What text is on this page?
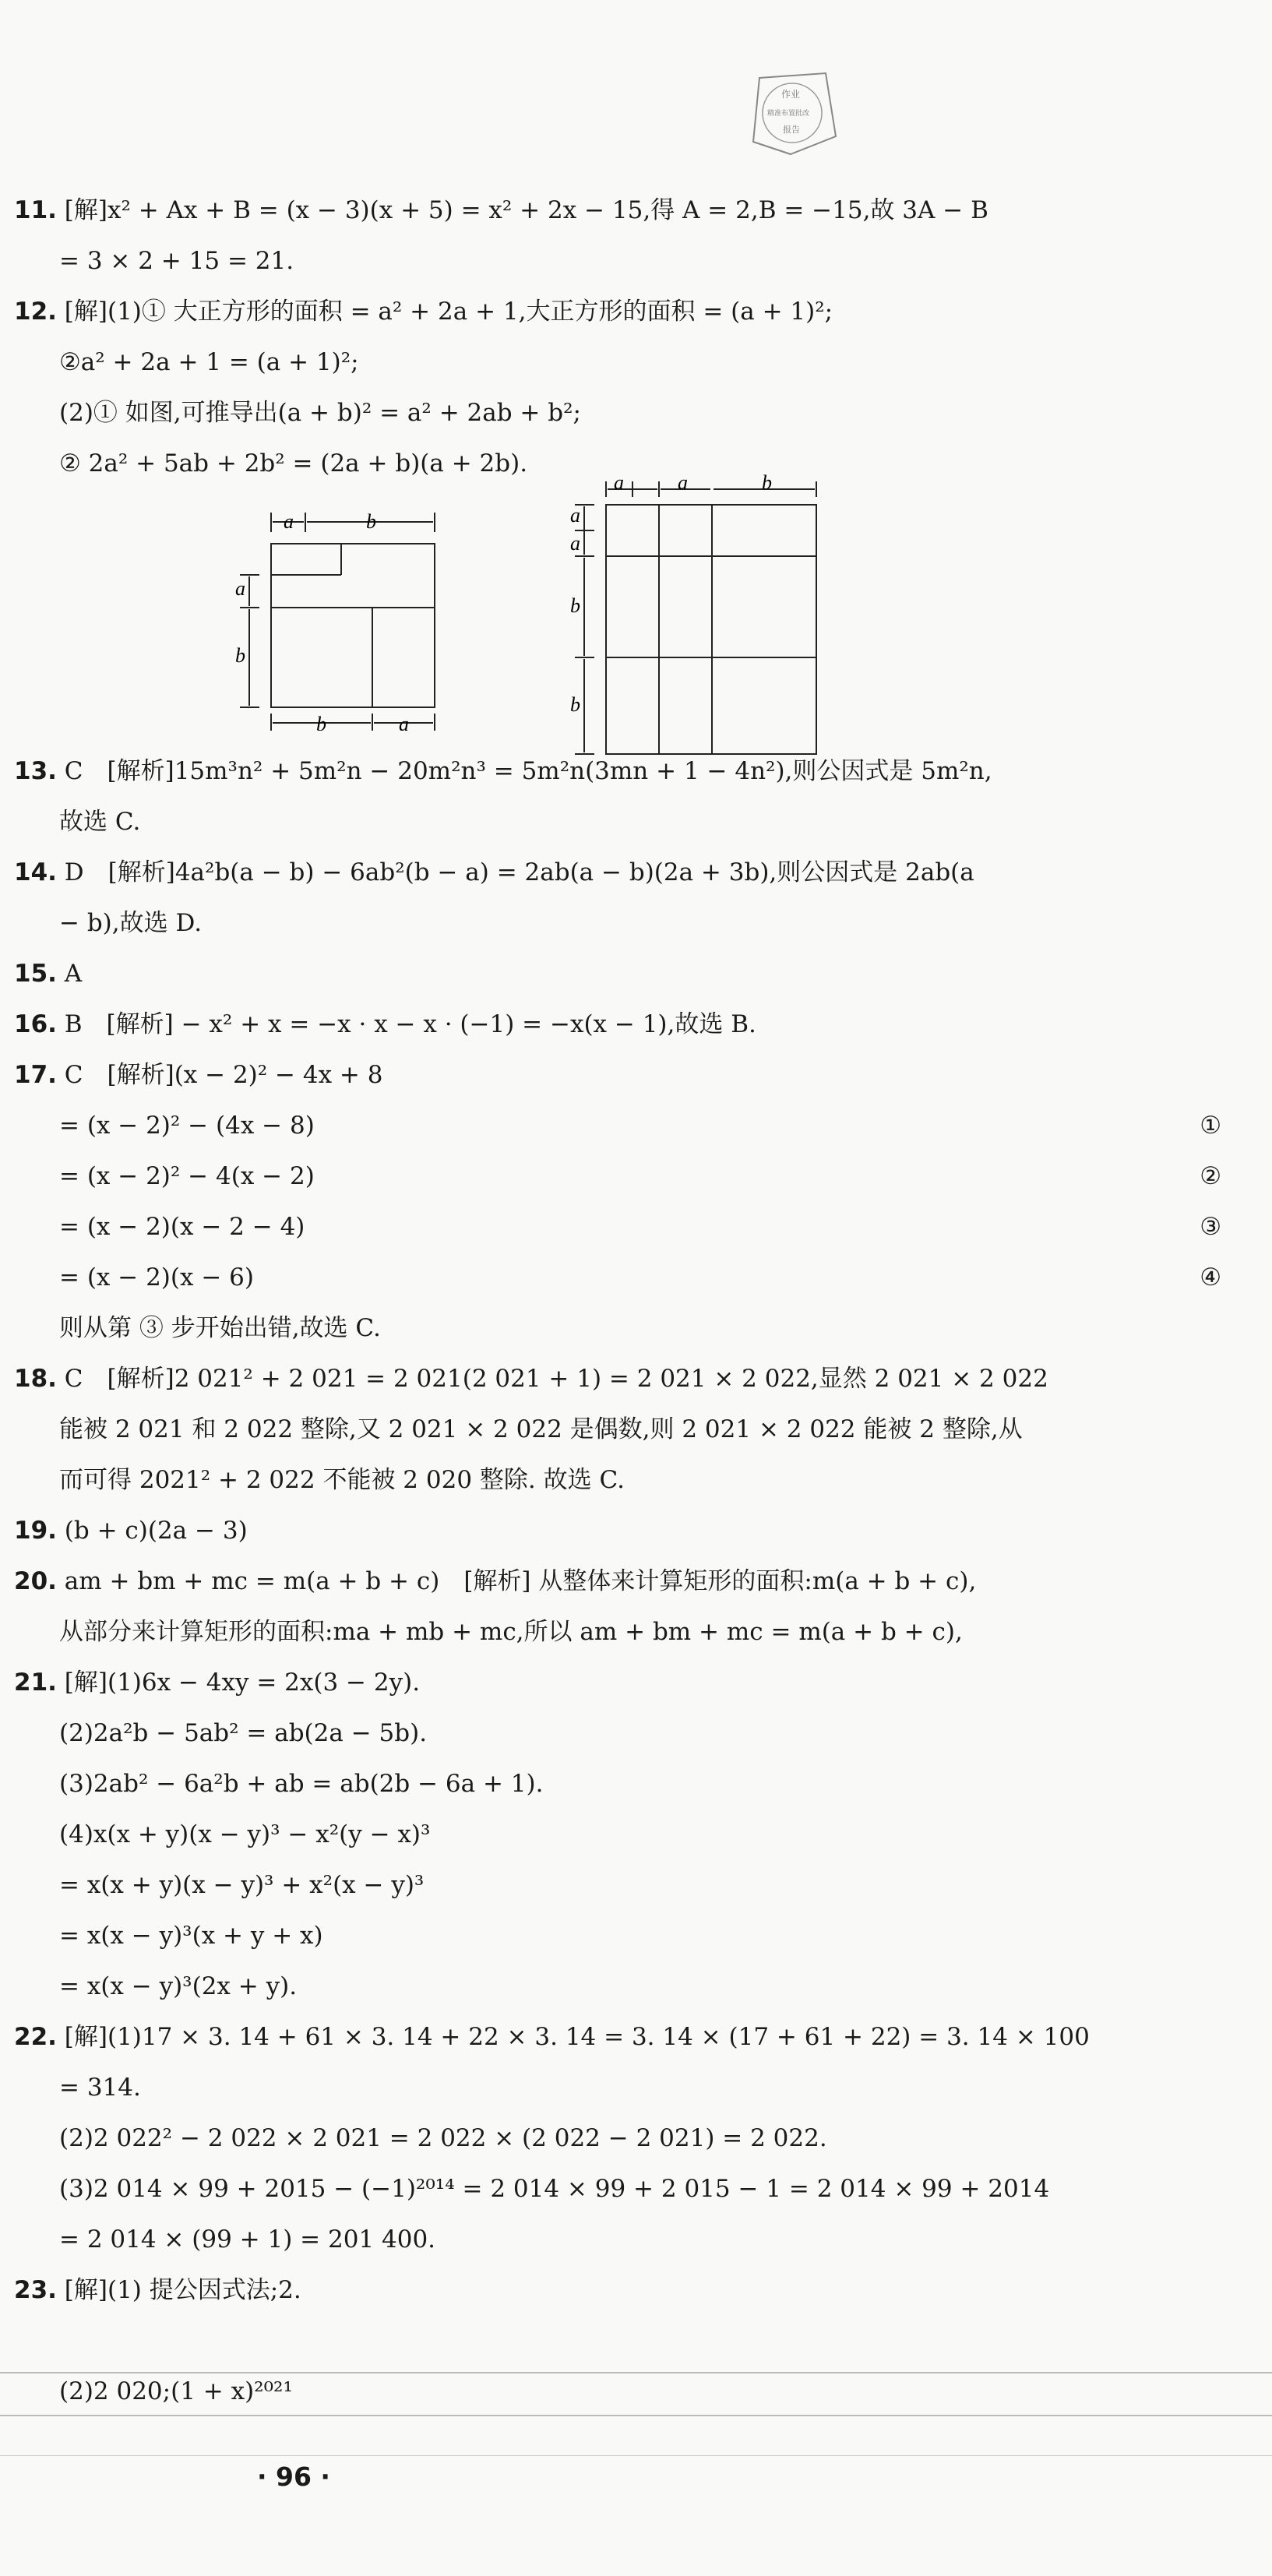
作业
精准布置批改
报告
11. [解]x² + Ax + B = (x − 3)(x + 5) = x² + 2x − 15,得 A = 2,B = −15,故 3A − B
= 3 × 2 + 15 = 21.
12. [解](1)① 大正方形的面积 = a² + 2a + 1,大正方形的面积 = (a + 1)²;
②a² + 2a + 1 = (a + 1)²;
(2)① 如图,可推导出(a + b)² = a² + 2ab + b²;
② 2a² + 5ab + 2b² = (2a + b)(a + 2b).
a	b
a
b
b	a
a	a	b
a
a
b
b
13. C　[解析]15m³n² + 5m²n − 20m²n³ = 5m²n(3mn + 1 − 4n²),则公因式是 5m²n,
故选 C.
14. D　[解析]4a²b(a − b) − 6ab²(b − a) = 2ab(a − b)(2a + 3b),则公因式是 2ab(a
− b),故选 D.
15. A
16. B　[解析] − x² + x = −x · x − x · (−1) = −x(x − 1),故选 B.
17. C　[解析](x − 2)² − 4x + 8
= (x − 2)² − (4x − 8)	①
= (x − 2)² − 4(x − 2)	②
= (x − 2)(x − 2 − 4)	③
= (x − 2)(x − 6)	④
则从第 ③ 步开始出错,故选 C.
18. C　[解析]2 021² + 2 021 = 2 021(2 021 + 1) = 2 021 × 2 022,显然 2 021 × 2 022
能被 2 021 和 2 022 整除,又 2 021 × 2 022 是偶数,则 2 021 × 2 022 能被 2 整除,从
而可得 2021² + 2 022 不能被 2 020 整除. 故选 C.
19. (b + c)(2a − 3)
20. am + bm + mc = m(a + b + c)　[解析] 从整体来计算矩形的面积:m(a + b + c),
从部分来计算矩形的面积:ma + mb + mc,所以 am + bm + mc = m(a + b + c),
21. [解](1)6x − 4xy = 2x(3 − 2y).
(2)2a²b − 5ab² = ab(2a − 5b).
(3)2ab² − 6a²b + ab = ab(2b − 6a + 1).
(4)x(x + y)(x − y)³ − x²(y − x)³
= x(x + y)(x − y)³ + x²(x − y)³
= x(x − y)³(x + y + x)
= x(x − y)³(2x + y).
22. [解](1)17 × 3. 14 + 61 × 3. 14 + 22 × 3. 14 = 3. 14 × (17 + 61 + 22) = 3. 14 × 100
= 314.
(2)2 022² − 2 022 × 2 021 = 2 022 × (2 022 − 2 021) = 2 022.
(3)2 014 × 99 + 2015 − (−1)²⁰¹⁴ = 2 014 × 99 + 2 015 − 1 = 2 014 × 99 + 2014
= 2 014 × (99 + 1) = 201 400.
23. [解](1) 提公因式法;2.
(2)2 020;(1 + x)²⁰²¹
· 96 ·
